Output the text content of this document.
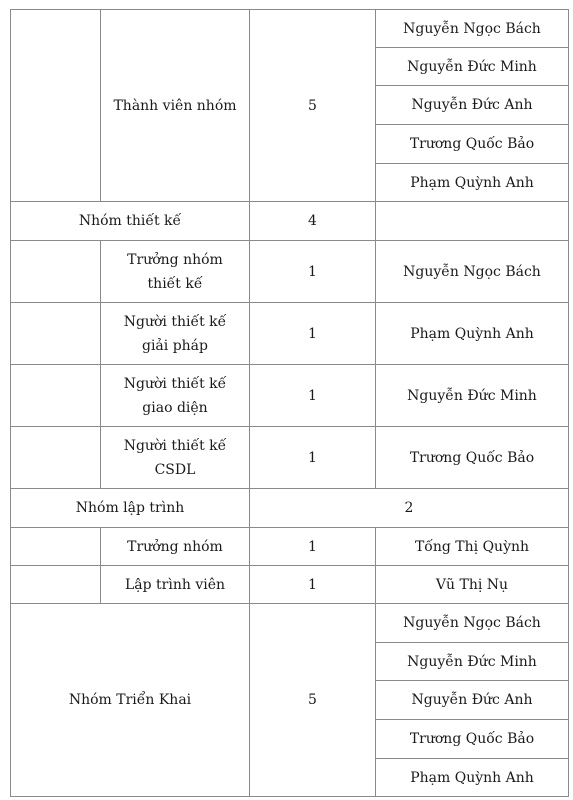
	Thành viên nhóm	5	Nguyễn Ngọc Bách
			Nguyễn Đức Minh
			Nguyễn Đức Anh
			Trương Quốc Bảo
			Phạm Quỳnh Anh
Nhóm thiết kế		4	
	Trưởng nhóm thiết kế	1	Nguyễn Ngọc Bách
	Người thiết kế giải pháp	1	Phạm Quỳnh Anh
	Người thiết kế giao diện	1	Nguyễn Đức Minh
	Người thiết kế CSDL	1	Trương Quốc Bảo
Nhóm lập trình		2	
	Trưởng nhóm	1	Tống Thị Quỳnh
	Lập trình viên	1	Vũ Thị Nụ
Nhóm Triển Khai		5	Nguyễn Ngọc Bách
			Nguyễn Đức Minh
			Nguyễn Đức Anh
			Trương Quốc Bảo
			Phạm Quỳnh Anh
